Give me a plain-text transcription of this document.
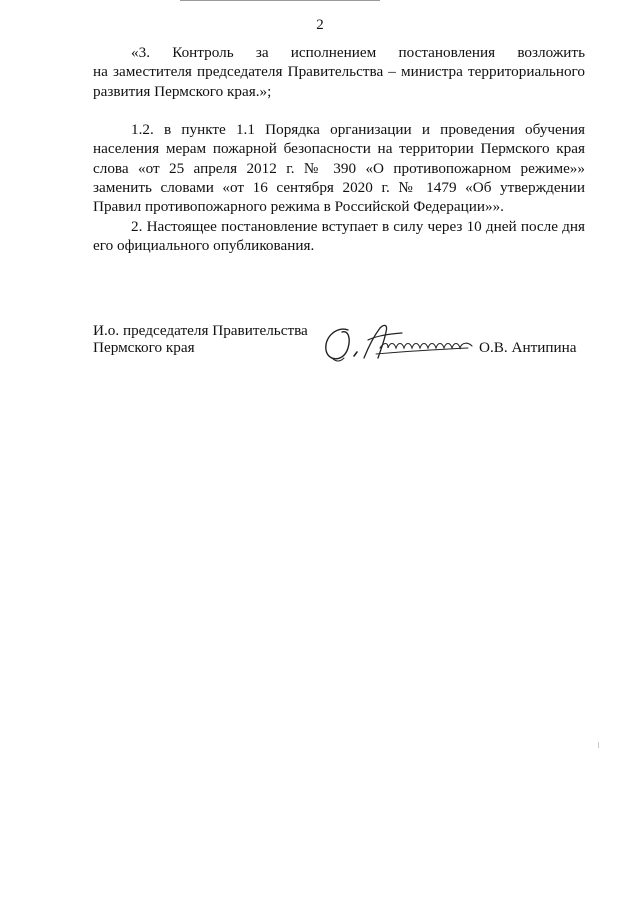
2
«3. Контроль за исполнением постановления возложить
на заместителя председателя Правительства – министра территориального
развития Пермского края.»;
1.2. в пункте 1.1 Порядка организации и проведения обучения
населения мерам пожарной безопасности на территории Пермского края
слова «от 25 апреля 2012 г. № 390 «О противопожарном режиме»»
заменить словами «от 16 сентября 2020 г. № 1479 «Об утверждении
Правил противопожарного режима в Российской Федерации»».
2. Настоящее постановление вступает в силу через 10 дней после дня
его официального опубликования.
И.о. председателя Правительства
Пермского края	О.В. Антипина
